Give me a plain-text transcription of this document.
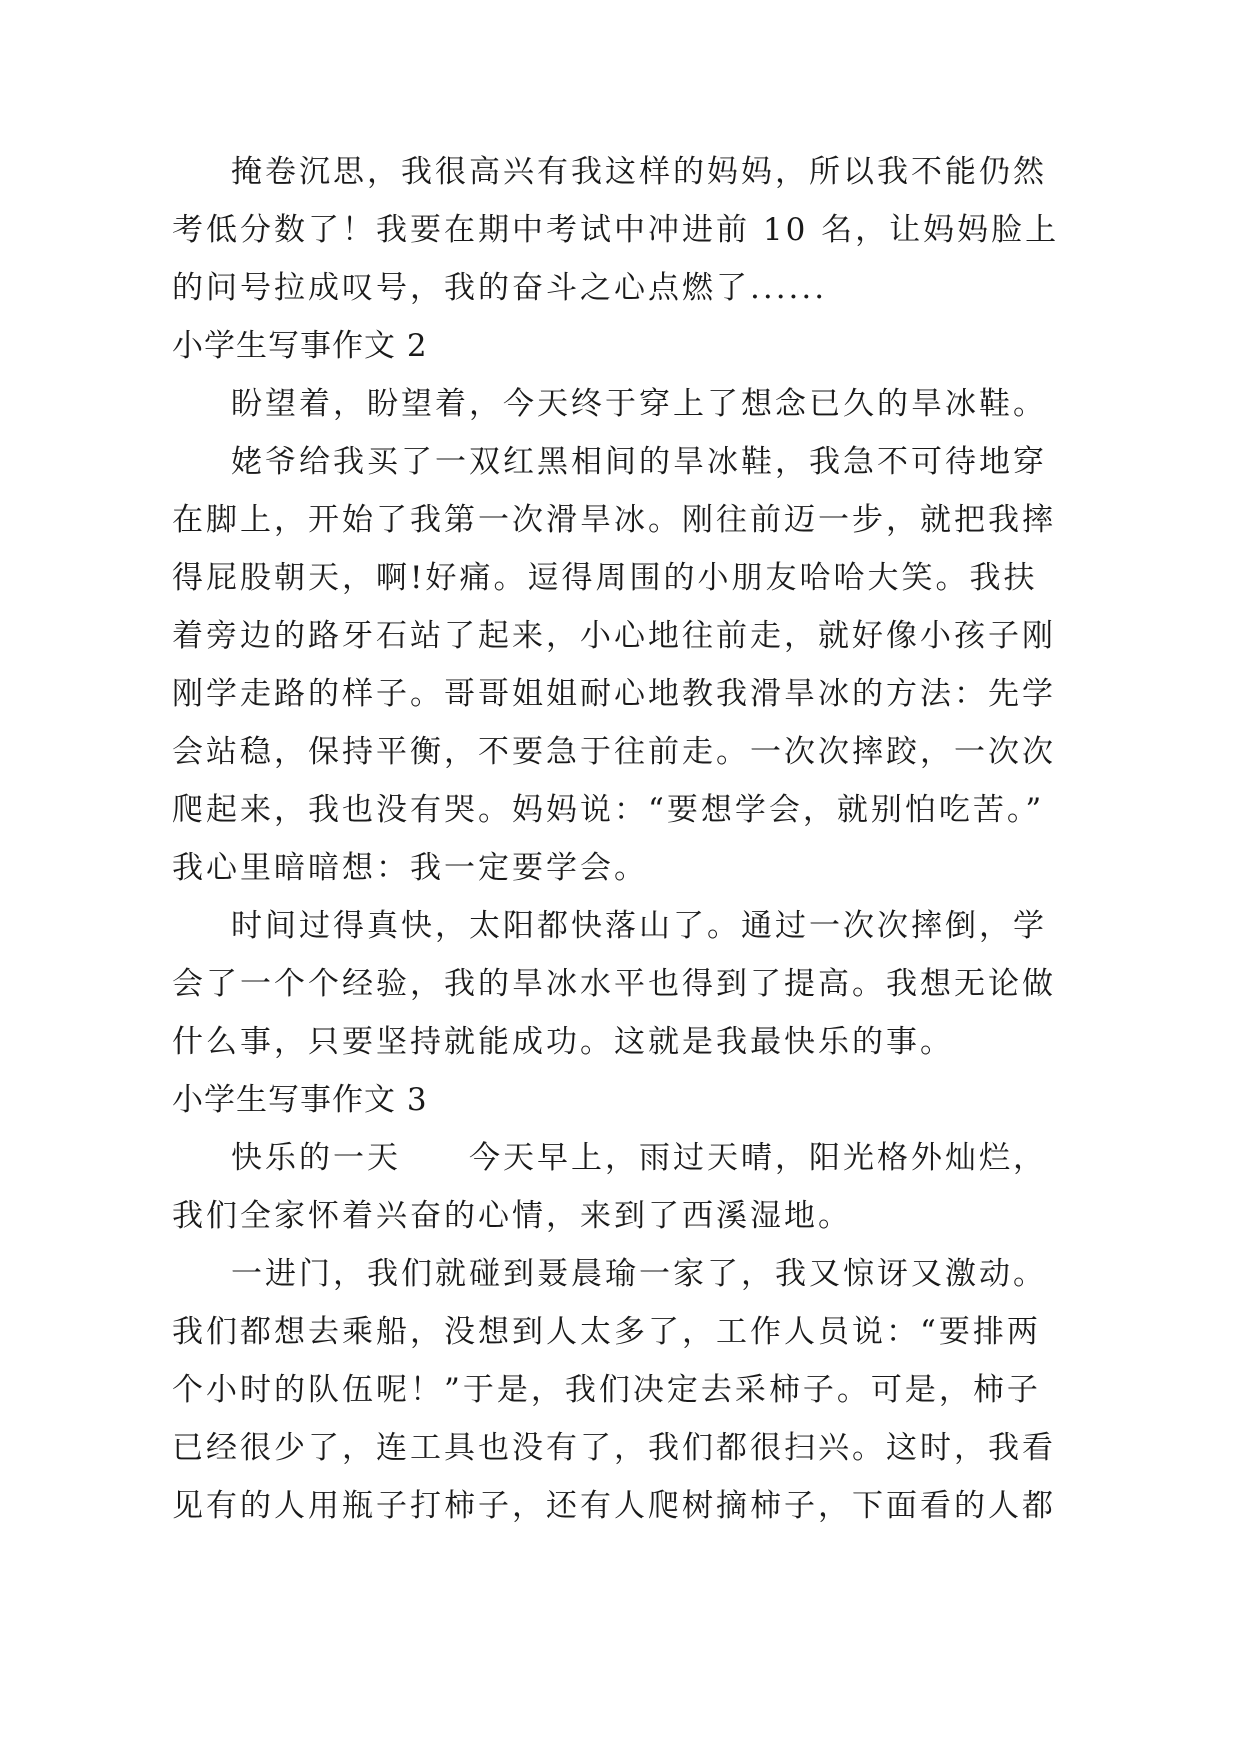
掩卷沉思，我很高兴有我这样的妈妈，所以我不能仍然

考低分数了！我要在期中考试中冲进前 10 名，让妈妈脸上

的问号拉成叹号，我的奋斗之心点燃了......

小学生写事作文 2

盼望着，盼望着，今天终于穿上了想念已久的旱冰鞋。

姥爷给我买了一双红黑相间的旱冰鞋，我急不可待地穿

在脚上，开始了我第一次滑旱冰。刚往前迈一步，就把我摔

得屁股朝天，啊!好痛。逗得周围的小朋友哈哈大笑。我扶

着旁边的路牙石站了起来，小心地往前走，就好像小孩子刚

刚学走路的样子。哥哥姐姐耐心地教我滑旱冰的方法：先学

会站稳，保持平衡，不要急于往前走。一次次摔跤，一次次

爬起来，我也没有哭。妈妈说：“要想学会，就别怕吃苦。”

我心里暗暗想：我一定要学会。

时间过得真快，太阳都快落山了。通过一次次摔倒，学

会了一个个经验，我的旱冰水平也得到了提高。我想无论做

什么事，只要坚持就能成功。这就是我最快乐的事。

小学生写事作文 3

快乐的一天　　今天早上，雨过天晴，阳光格外灿烂，

我们全家怀着兴奋的心情，来到了西溪湿地。

一进门，我们就碰到聂晨瑜一家了，我又惊讶又激动。

我们都想去乘船，没想到人太多了，工作人员说：“要排两

个小时的队伍呢！”于是，我们决定去采柿子。可是，柿子

已经很少了，连工具也没有了，我们都很扫兴。这时，我看

见有的人用瓶子打柿子，还有人爬树摘柿子，下面看的人都
